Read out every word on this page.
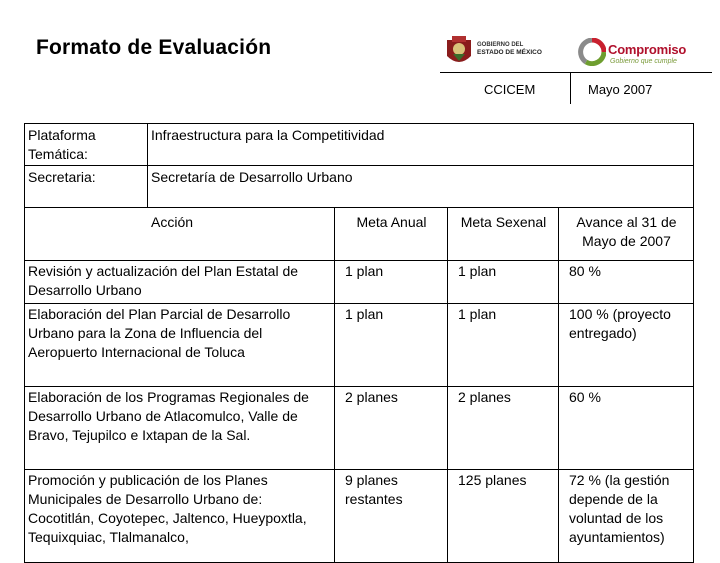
Formato de Evaluación	GOBIERNO DEL
ESTADO DE MÉXICO	Compromiso
Gobierno que cumple
CCICEM	Mayo 2007
Plataforma Temática:	Infraestructura para la Competitividad
Secretaria:	Secretaría de Desarrollo Urbano
Acción	Meta Anual	Meta Sexenal	Avance al 31 de Mayo de 2007
Revisión y actualización del Plan Estatal de Desarrollo Urbano	1 plan	1 plan	80 %
Elaboración del Plan Parcial de Desarrollo Urbano para la Zona de Influencia del Aeropuerto Internacional de Toluca	1 plan	1 plan	100 % (proyecto entregado)
Elaboración de los Programas Regionales de Desarrollo Urbano de Atlacomulco, Valle de Bravo, Tejupilco e Ixtapan de la Sal.	2 planes	2 planes	60 %
Promoción y publicación de los Planes Municipales de Desarrollo Urbano de: Cocotitlán, Coyotepec, Jaltenco, Hueypoxtla, Tequixquiac, Tlalmanalco,	9 planes restantes	125 planes	72 % (la gestión depende de la voluntad de los ayuntamientos)
